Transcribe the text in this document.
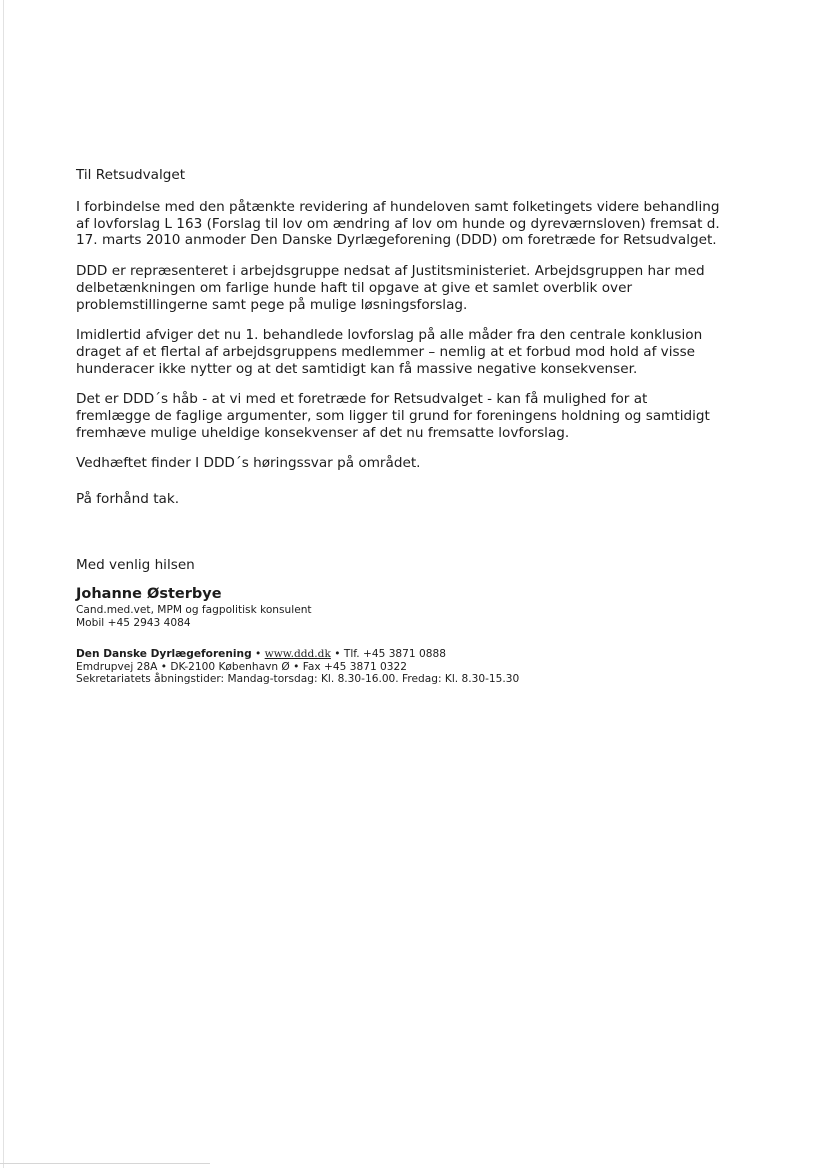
Til Retsudvalget
I forbindelse med den påtænkte revidering af hundeloven samt folketingets videre behandling
af lovforslag L 163 (Forslag til lov om ændring af lov om hunde og dyreværnsloven) fremsat d.
17. marts 2010 anmoder Den Danske Dyrlægeforening (DDD) om foretræde for Retsudvalget.
DDD er repræsenteret i arbejdsgruppe nedsat af Justitsministeriet. Arbejdsgruppen har med
delbetænkningen om farlige hunde haft til opgave at give et samlet overblik over
problemstillingerne samt pege på mulige løsningsforslag.
Imidlertid afviger det nu 1. behandlede lovforslag på alle måder fra den centrale konklusion
draget af et flertal af arbejdsgruppens medlemmer – nemlig at et forbud mod hold af visse
hunderacer ikke nytter og at det samtidigt kan få massive negative konsekvenser.
Det er DDD´s håb - at vi med et foretræde for Retsudvalget - kan få mulighed for at
fremlægge de faglige argumenter, som ligger til grund for foreningens holdning og samtidigt
fremhæve mulige uheldige konsekvenser af det nu fremsatte lovforslag.
Vedhæftet finder I DDD´s høringssvar på området.
På forhånd tak.
Med venlig hilsen
Johanne Østerbye
Cand.med.vet, MPM og fagpolitisk konsulent
Mobil +45 2943 4084
Den Danske Dyrlægeforening • www.ddd.dk • Tlf. +45 3871 0888
Emdrupvej 28A • DK-2100 København Ø • Fax +45 3871 0322
Sekretariatets åbningstider: Mandag-torsdag: Kl. 8.30-16.00. Fredag: Kl. 8.30-15.30
